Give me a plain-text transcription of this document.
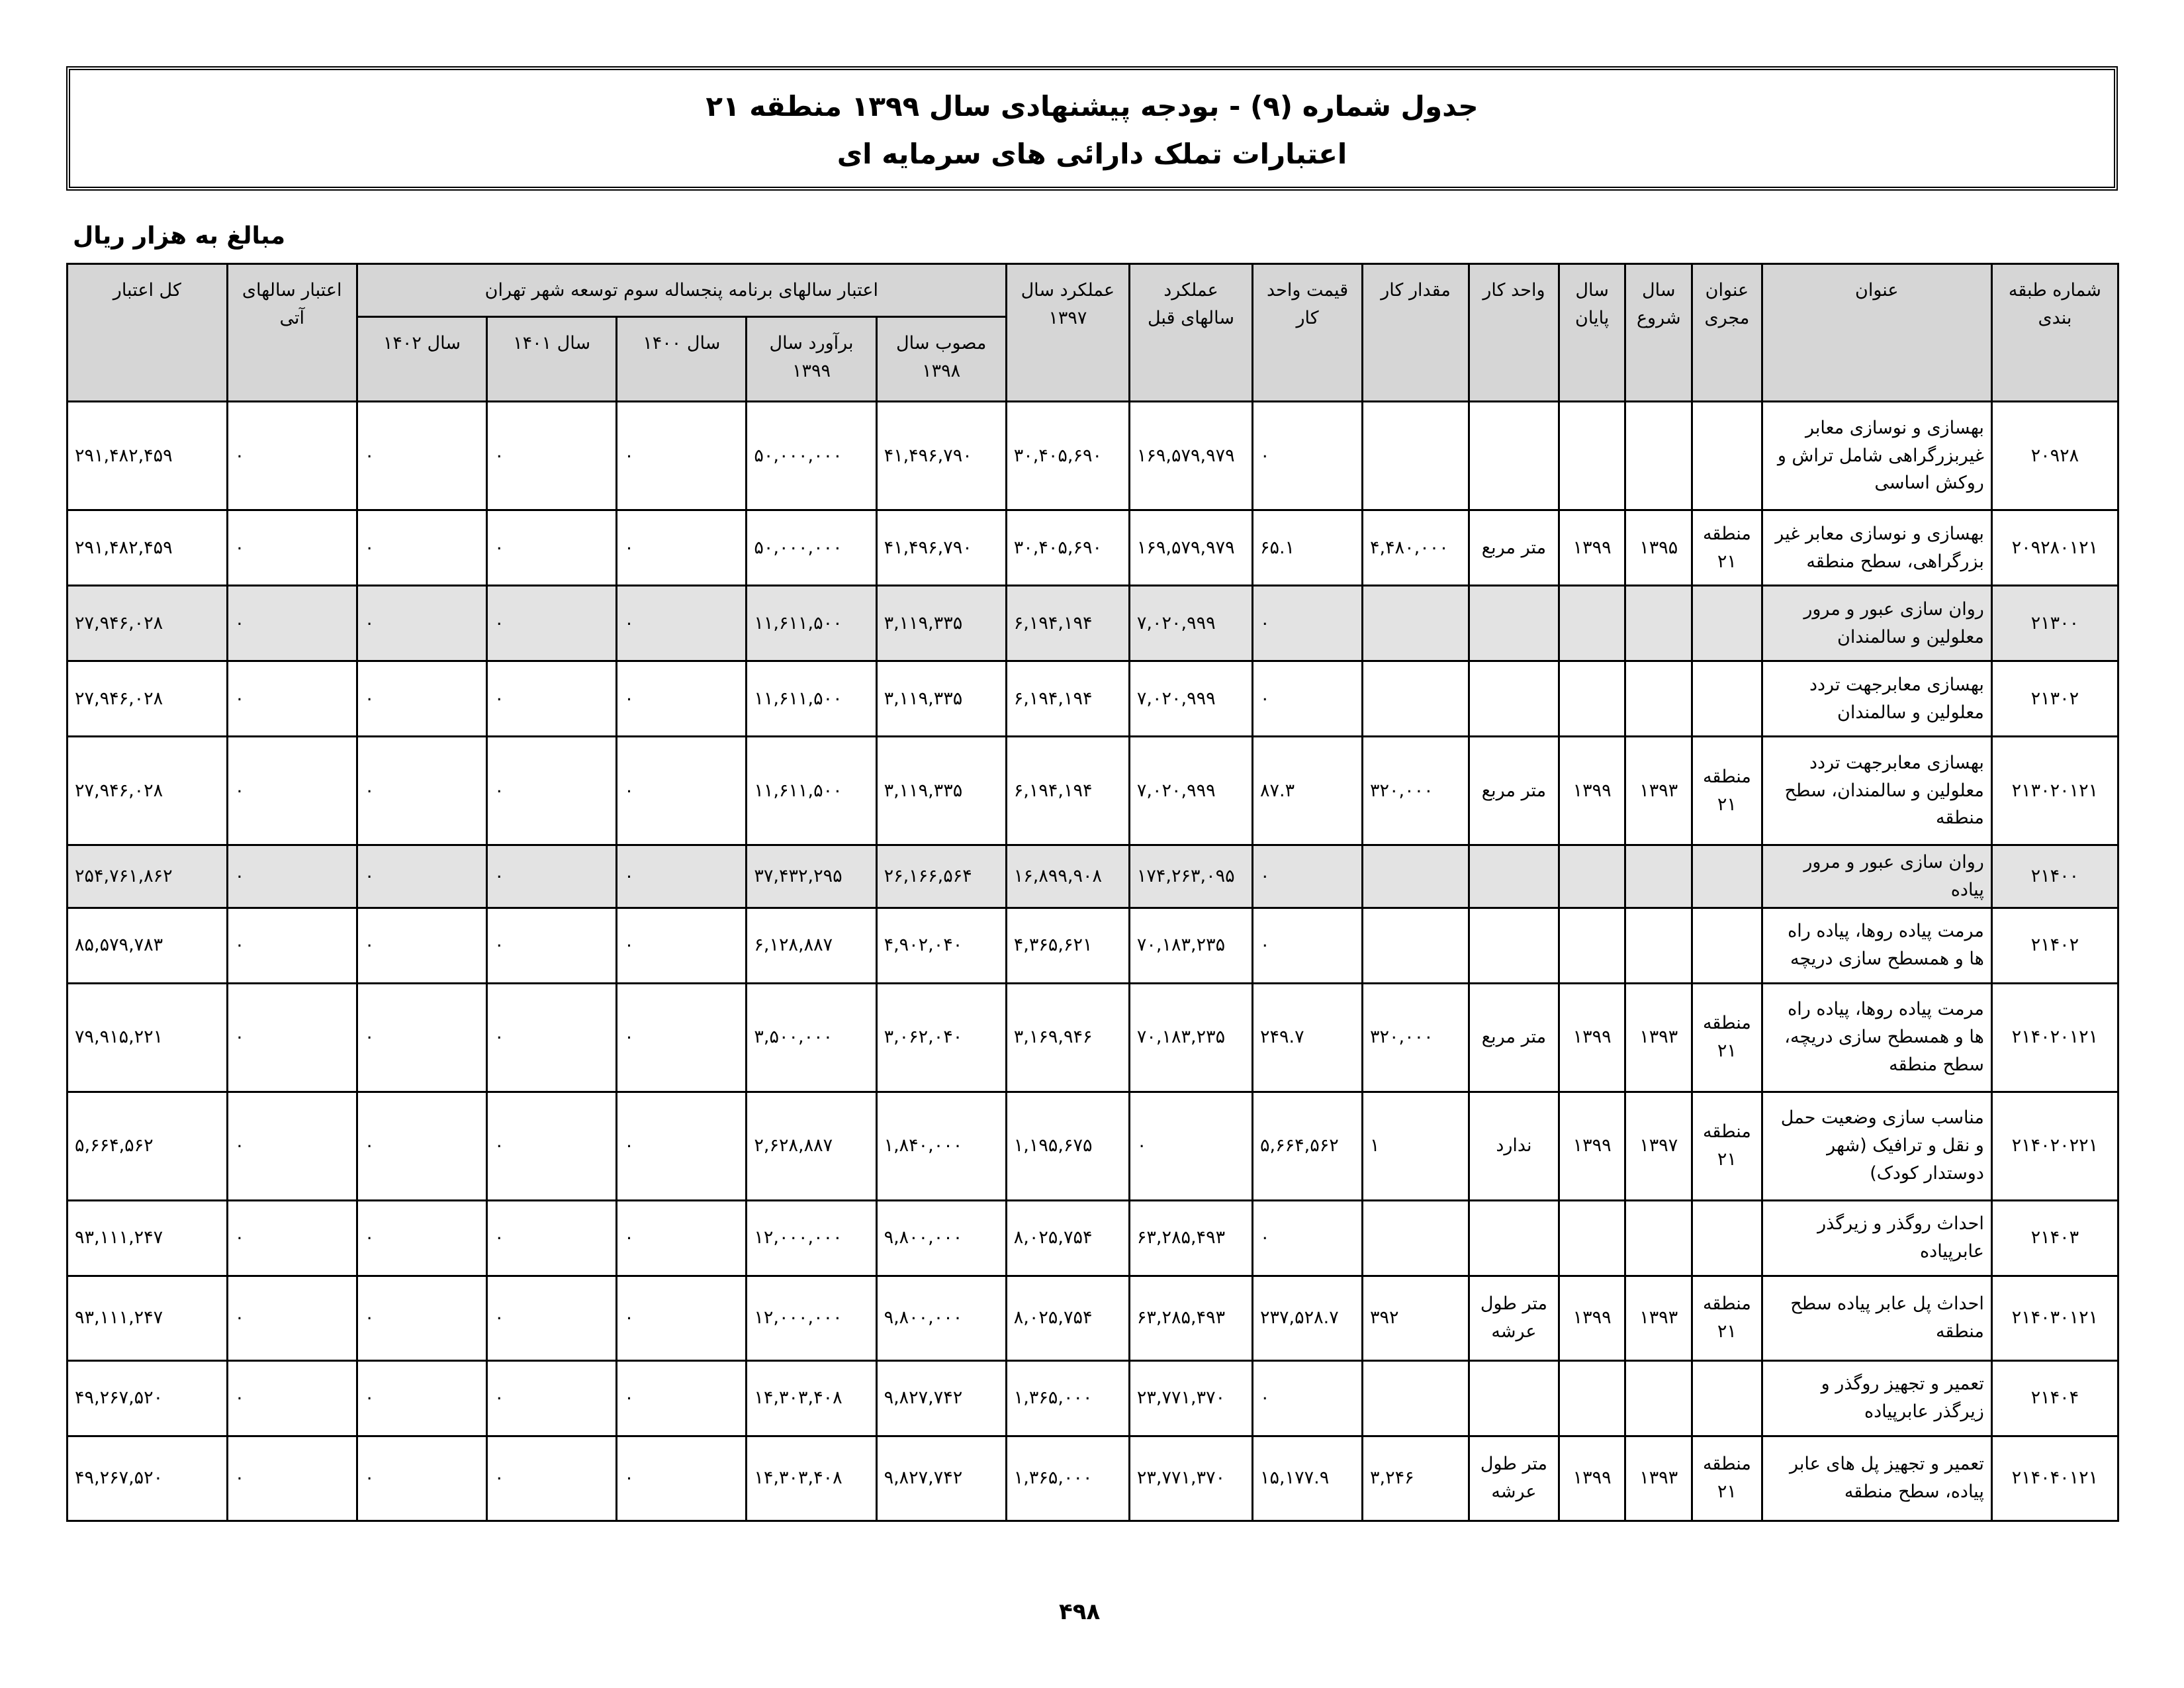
جدول شماره (۹) - بودجه پیشنهادی سال ۱۳۹۹ منطقه ۲۱
اعتبارات تملک دارائی های سرمایه ای
مبالغ به هزار ریال
شماره طبقه بندی	عنوان	عنوان مجری	سال شروع	سال پایان	واحد کار	مقدار کار	قیمت واحد کار	عملکرد سالهای قبل	عملکرد سال ۱۳۹۷	اعتبار سالهای برنامه پنجساله سوم توسعه شهر تهران					اعتبار سالهای آتی	کل اعتبار
										مصوب سال ۱۳۹۸	برآورد سال ۱۳۹۹	سال ۱۴۰۰	سال ۱۴۰۱	سال ۱۴۰۲		
۲۰۹۲۸	بهسازی و نوسازی معابر غیربزرگراهی شامل تراش و روکش اساسی						۰	۱۶۹,۵۷۹,۹۷۹	۳۰,۴۰۵,۶۹۰	۴۱,۴۹۶,۷۹۰	۵۰,۰۰۰,۰۰۰	۰	۰	۰	۰	۲۹۱,۴۸۲,۴۵۹
۲۰۹۲۸۰۱۲۱	بهسازی و نوسازی معابر غیر بزرگراهی، سطح منطقه	منطقه ۲۱	۱۳۹۵	۱۳۹۹	متر مربع	۴,۴۸۰,۰۰۰	۶۵.۱	۱۶۹,۵۷۹,۹۷۹	۳۰,۴۰۵,۶۹۰	۴۱,۴۹۶,۷۹۰	۵۰,۰۰۰,۰۰۰	۰	۰	۰	۰	۲۹۱,۴۸۲,۴۵۹
۲۱۳۰۰	روان سازی عبور و مرور معلولین و سالمندان						۰	۷,۰۲۰,۹۹۹	۶,۱۹۴,۱۹۴	۳,۱۱۹,۳۳۵	۱۱,۶۱۱,۵۰۰	۰	۰	۰	۰	۲۷,۹۴۶,۰۲۸
۲۱۳۰۲	بهسازی معابرجهت تردد معلولین و سالمندان						۰	۷,۰۲۰,۹۹۹	۶,۱۹۴,۱۹۴	۳,۱۱۹,۳۳۵	۱۱,۶۱۱,۵۰۰	۰	۰	۰	۰	۲۷,۹۴۶,۰۲۸
۲۱۳۰۲۰۱۲۱	بهسازی معابرجهت تردد معلولین و سالمندان، سطح منطقه	منطقه ۲۱	۱۳۹۳	۱۳۹۹	متر مربع	۳۲۰,۰۰۰	۸۷.۳	۷,۰۲۰,۹۹۹	۶,۱۹۴,۱۹۴	۳,۱۱۹,۳۳۵	۱۱,۶۱۱,۵۰۰	۰	۰	۰	۰	۲۷,۹۴۶,۰۲۸
۲۱۴۰۰	روان سازی عبور و مرور پیاده						۰	۱۷۴,۲۶۳,۰۹۵	۱۶,۸۹۹,۹۰۸	۲۶,۱۶۶,۵۶۴	۳۷,۴۳۲,۲۹۵	۰	۰	۰	۰	۲۵۴,۷۶۱,۸۶۲
۲۱۴۰۲	مرمت پیاده روها، پیاده راه ها و همسطح سازی دریچه						۰	۷۰,۱۸۳,۲۳۵	۴,۳۶۵,۶۲۱	۴,۹۰۲,۰۴۰	۶,۱۲۸,۸۸۷	۰	۰	۰	۰	۸۵,۵۷۹,۷۸۳
۲۱۴۰۲۰۱۲۱	مرمت پیاده روها، پیاده راه ها و همسطح سازی دریچه، سطح منطقه	منطقه ۲۱	۱۳۹۳	۱۳۹۹	متر مربع	۳۲۰,۰۰۰	۲۴۹.۷	۷۰,۱۸۳,۲۳۵	۳,۱۶۹,۹۴۶	۳,۰۶۲,۰۴۰	۳,۵۰۰,۰۰۰	۰	۰	۰	۰	۷۹,۹۱۵,۲۲۱
۲۱۴۰۲۰۲۲۱	مناسب سازی وضعیت حمل و نقل و ترافیک (شهر دوستدار کودک)	منطقه ۲۱	۱۳۹۷	۱۳۹۹	ندارد	۱	۵,۶۶۴,۵۶۲	۰	۱,۱۹۵,۶۷۵	۱,۸۴۰,۰۰۰	۲,۶۲۸,۸۸۷	۰	۰	۰	۰	۵,۶۶۴,۵۶۲
۲۱۴۰۳	احداث روگذر و زیرگذر عابرپیاده						۰	۶۳,۲۸۵,۴۹۳	۸,۰۲۵,۷۵۴	۹,۸۰۰,۰۰۰	۱۲,۰۰۰,۰۰۰	۰	۰	۰	۰	۹۳,۱۱۱,۲۴۷
۲۱۴۰۳۰۱۲۱	احداث پل عابر پیاده سطح منطقه	منطقه ۲۱	۱۳۹۳	۱۳۹۹	متر طول عرشه	۳۹۲	۲۳۷,۵۲۸.۷	۶۳,۲۸۵,۴۹۳	۸,۰۲۵,۷۵۴	۹,۸۰۰,۰۰۰	۱۲,۰۰۰,۰۰۰	۰	۰	۰	۰	۹۳,۱۱۱,۲۴۷
۲۱۴۰۴	تعمیر و تجهیز روگذر و زیرگذر عابرپیاده						۰	۲۳,۷۷۱,۳۷۰	۱,۳۶۵,۰۰۰	۹,۸۲۷,۷۴۲	۱۴,۳۰۳,۴۰۸	۰	۰	۰	۰	۴۹,۲۶۷,۵۲۰
۲۱۴۰۴۰۱۲۱	تعمیر و تجهیز پل های عابر پیاده، سطح منطقه	منطقه ۲۱	۱۳۹۳	۱۳۹۹	متر طول عرشه	۳,۲۴۶	۱۵,۱۷۷.۹	۲۳,۷۷۱,۳۷۰	۱,۳۶۵,۰۰۰	۹,۸۲۷,۷۴۲	۱۴,۳۰۳,۴۰۸	۰	۰	۰	۰	۴۹,۲۶۷,۵۲۰
۴۹۸
